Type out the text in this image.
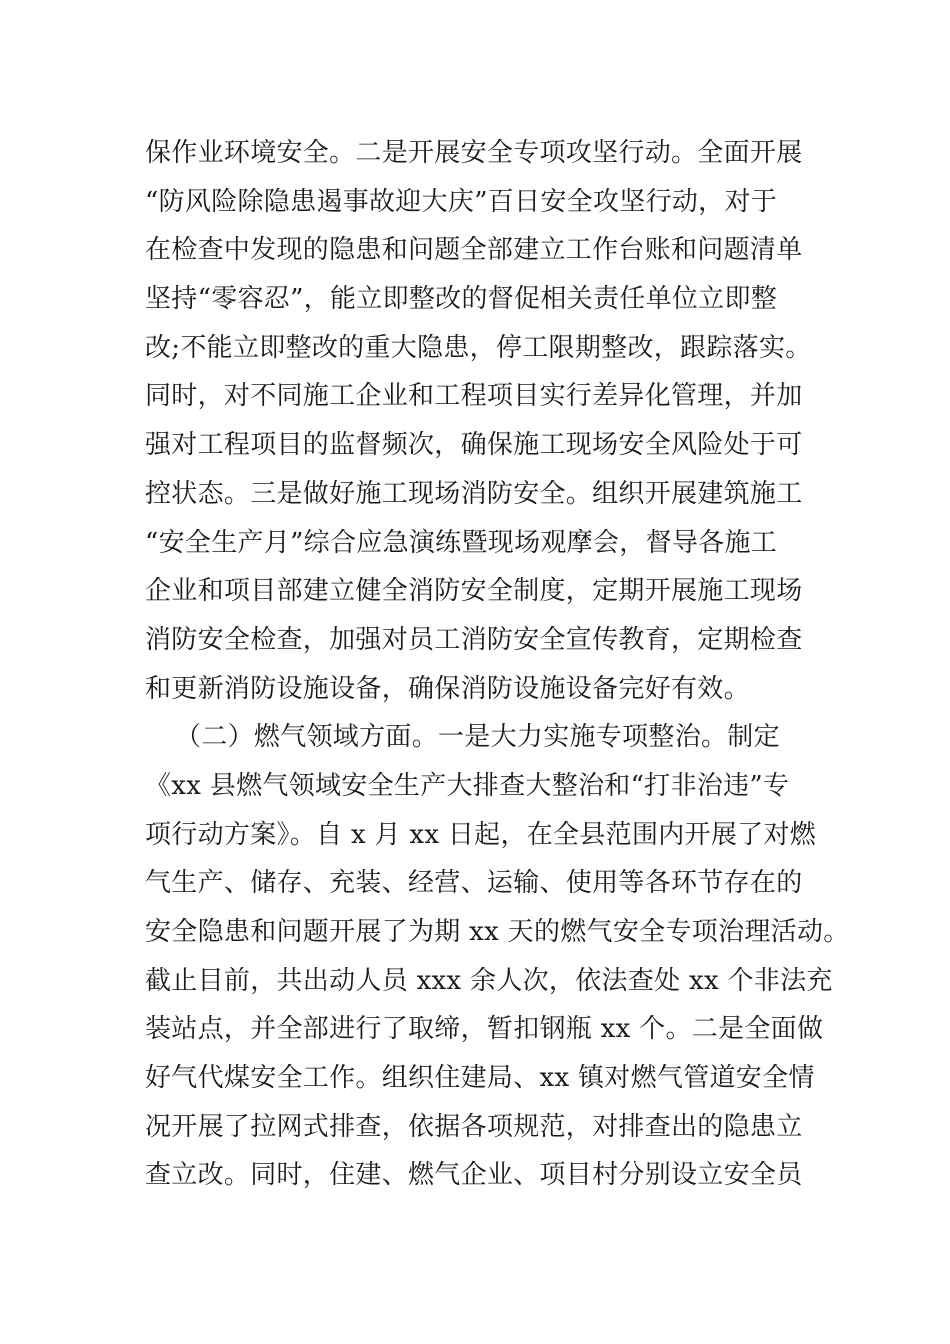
保作业环境安全。二是开展安全专项攻坚行动。全面开展
“防风险除隐患遏事故迎大庆”百日安全攻坚行动，对于
在检查中发现的隐患和问题全部建立工作台账和问题清单
坚持“零容忍”，能立即整改的督促相关责任单位立即整
改;不能立即整改的重大隐患，停工限期整改，跟踪落实。
同时，对不同施工企业和工程项目实行差异化管理，并加
强对工程项目的监督频次，确保施工现场安全风险处于可
控状态。三是做好施工现场消防安全。组织开展建筑施工
“安全生产月”综合应急演练暨现场观摩会，督导各施工
企业和项目部建立健全消防安全制度，定期开展施工现场
消防安全检查，加强对员工消防安全宣传教育，定期检查
和更新消防设施设备，确保消防设施设备完好有效。
（二）燃气领域方面。一是大力实施专项整治。制定
《xx 县燃气领域安全生产大排查大整治和“打非治违”专
项行动方案》。自 x 月 xx 日起，在全县范围内开展了对燃
气生产、储存、充装、经营、运输、使用等各环节存在的
安全隐患和问题开展了为期 xx 天的燃气安全专项治理活动。
截止目前，共出动人员 xxx 余人次，依法查处 xx 个非法充
装站点，并全部进行了取缔，暂扣钢瓶 xx 个。二是全面做
好气代煤安全工作。组织住建局、xx 镇对燃气管道安全情
况开展了拉网式排查，依据各项规范，对排查出的隐患立
查立改。同时，住建、燃气企业、项目村分别设立安全员
